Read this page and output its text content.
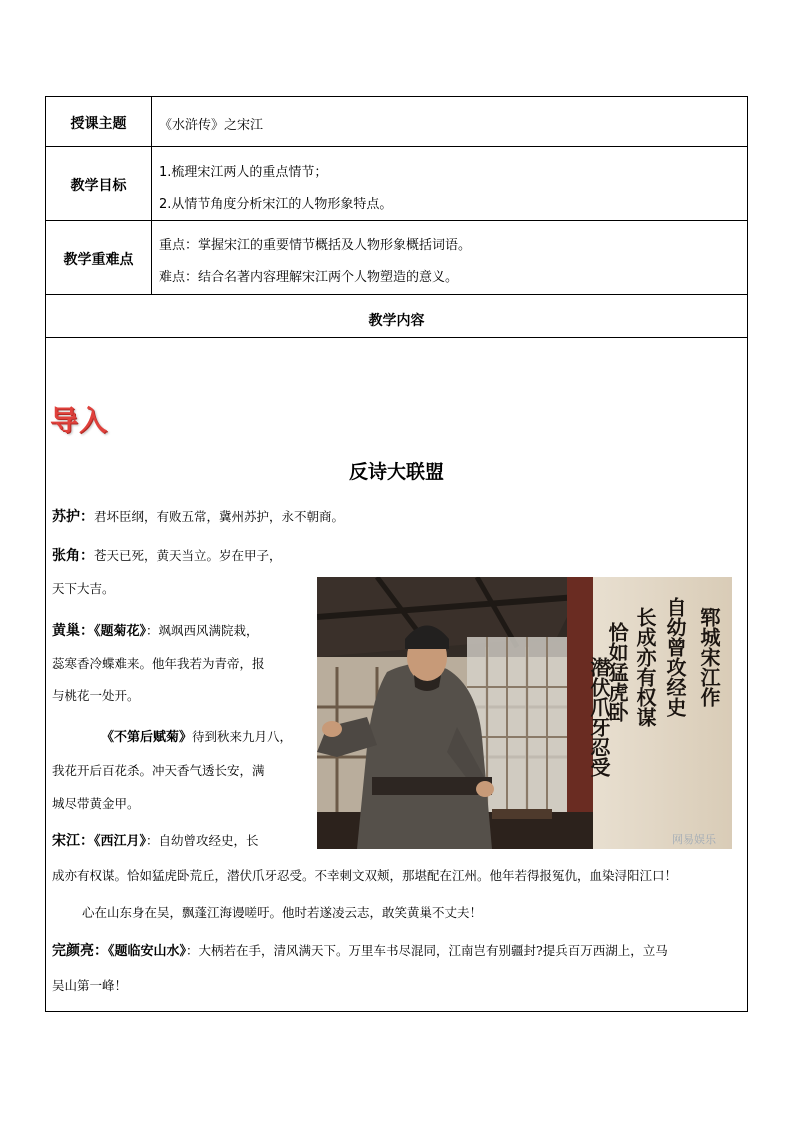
授课主题	《水浒传》之宋江
教学目标
1.梳理宋江两人的重点情节；
2.从情节角度分析宋江的人物形象特点。
教学重难点
重点：掌握宋江的重要情节概括及人物形象概括词语。
难点：结合名著内容理解宋江两个人物塑造的意义。
教学内容
导入
反诗大联盟
苏护：君坏臣纲，有败五常，冀州苏护，永不朝商。
张角：苍天已死，黄天当立。岁在甲子，
天下大吉。
黄巢：《题菊花》：飒飒西风满院栽，
蕊寒香冷蝶难来。他年我若为青帝，报
与桃花一处开。
《不第后赋菊》待到秋来九月八，
我花开后百花杀。冲天香气透长安，满
城尽带黄金甲。
宋江：《西江月》：自幼曾攻经史，长
成亦有权谋。恰如猛虎卧荒丘，潜伏爪牙忍受。不幸刺文双颊，那堪配在江州。他年若得报冤仇，血染浔阳江口！
心在山东身在吴，飘蓬江海谩嗟吁。他时若遂凌云志，敢笑黄巢不丈夫！
完颜亮：《题临安山水》：大柄若在手，清风满天下。万里车书尽混同，江南岂有别疆封?提兵百万西湖上，立马
吴山第一峰！
郓城宋江作
自幼曾攻经史
长成亦有权谋
恰如猛虎卧
潜伏爪牙忍受
网易娱乐
